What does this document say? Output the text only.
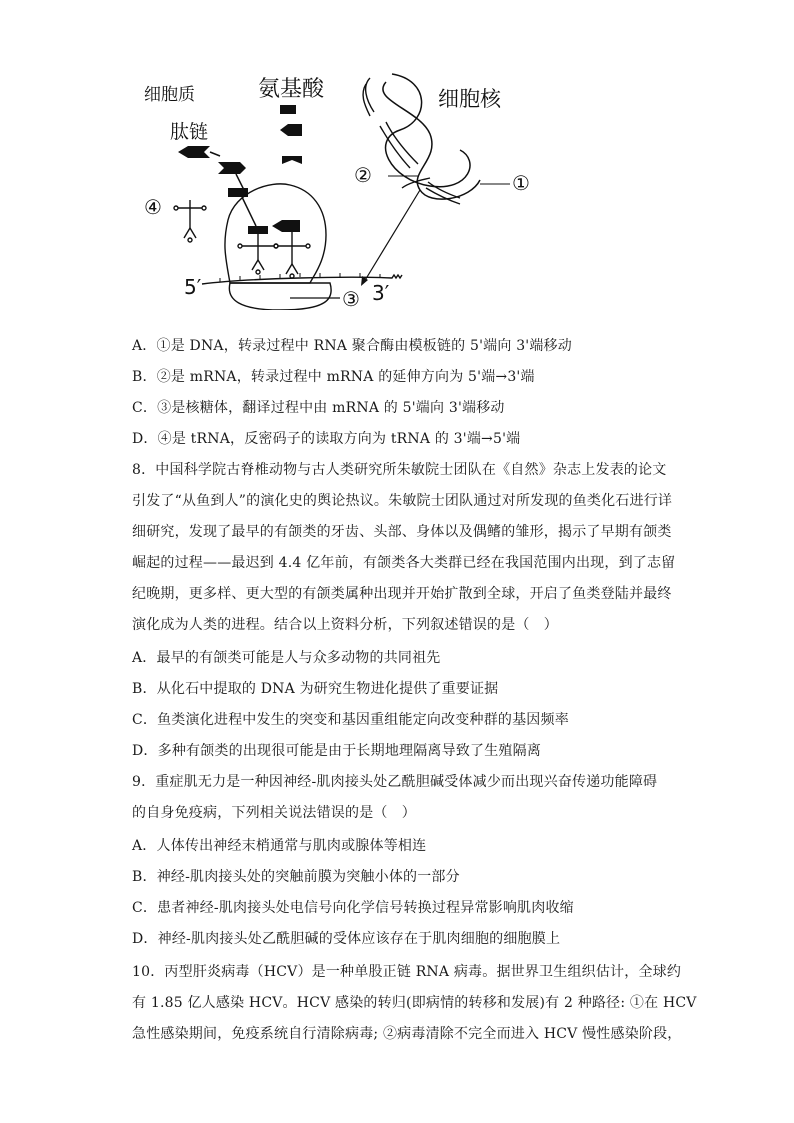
细胞质	氨基酸	细胞核
肽链
④
5′	3′
③
②	①
A．①是 DNA，转录过程中 RNA 聚合酶由模板链的 5'端向 3'端移动
B．②是 mRNA，转录过程中 mRNA 的延伸方向为 5'端→3'端
C．③是核糖体，翻译过程中由 mRNA 的 5'端向 3'端移动
D．④是 tRNA，反密码子的读取方向为 tRNA 的 3'端→5'端
8．中国科学院古脊椎动物与古人类研究所朱敏院士团队在《自然》杂志上发表的论文
引发了“从鱼到人”的演化史的舆论热议。朱敏院士团队通过对所发现的鱼类化石进行详
细研究，发现了最早的有颌类的牙齿、头部、身体以及偶鳍的雏形，揭示了早期有颌类
崛起的过程——最迟到 4.4 亿年前，有颌类各大类群已经在我国范围内出现，到了志留
纪晚期，更多样、更大型的有颌类属种出现并开始扩散到全球，开启了鱼类登陆并最终
演化成为人类的进程。结合以上资料分析，下列叙述错误的是（　）
A．最早的有颌类可能是人与众多动物的共同祖先
B．从化石中提取的 DNA 为研究生物进化提供了重要证据
C．鱼类演化进程中发生的突变和基因重组能定向改变种群的基因频率
D．多种有颌类的出现很可能是由于长期地理隔离导致了生殖隔离
9．重症肌无力是一种因神经-肌肉接头处乙酰胆碱受体减少而出现兴奋传递功能障碍
的自身免疫病，下列相关说法错误的是（　）
A．人体传出神经末梢通常与肌肉或腺体等相连
B．神经-肌肉接头处的突触前膜为突触小体的一部分
C．患者神经-肌肉接头处电信号向化学信号转换过程异常影响肌肉收缩
D．神经-肌肉接头处乙酰胆碱的受体应该存在于肌肉细胞的细胞膜上
10．丙型肝炎病毒（HCV）是一种单股正链 RNA 病毒。据世界卫生组织估计，全球约
有 1.85 亿人感染 HCV。HCV 感染的转归(即病情的转移和发展)有 2 种路径: ①在 HCV
急性感染期间，免疫系统自行清除病毒; ②病毒清除不完全而进入 HCV 慢性感染阶段，
